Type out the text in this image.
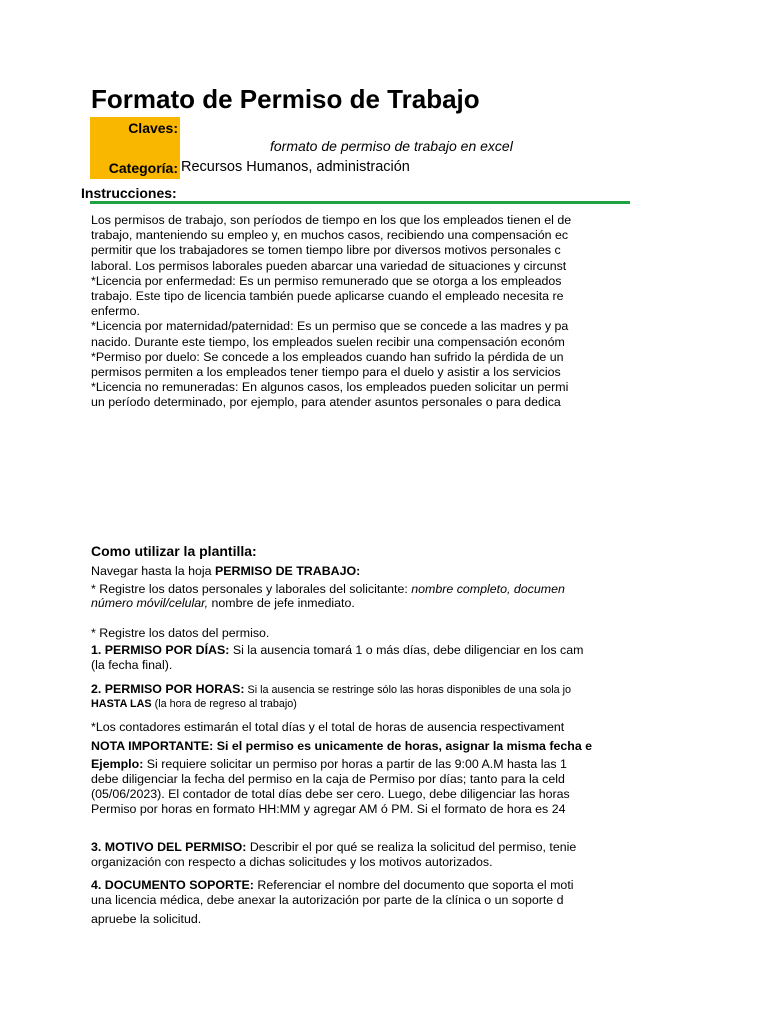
Formato de Permiso de Trabajo
Claves:
Categoría:
formato de permiso de trabajo en excel
Recursos Humanos, administración
Instrucciones:
Los permisos de trabajo, son períodos de tiempo en los que los empleados tienen el de
trabajo, manteniendo su empleo y, en muchos casos, recibiendo una compensación ec
permitir que los trabajadores se tomen tiempo libre por diversos motivos personales c
laboral. Los permisos laborales pueden abarcar una variedad de situaciones y circunst
*Licencia por enfermedad: Es un permiso remunerado que se otorga a los empleados
trabajo. Este tipo de licencia también puede aplicarse cuando el empleado necesita re
enfermo.
*Licencia por maternidad/paternidad: Es un permiso que se concede a las madres y pa
nacido. Durante este tiempo, los empleados suelen recibir una compensación económ
*Permiso por duelo: Se concede a los empleados cuando han sufrido la pérdida de un
permisos permiten a los empleados tener tiempo para el duelo y asistir a los servicios
*Licencia no remuneradas: En algunos casos, los empleados pueden solicitar un permi
un período determinado, por ejemplo, para atender asuntos personales o para dedica
Como utilizar la plantilla:
Navegar hasta la hoja PERMISO DE TRABAJO:
* Registre los datos personales y laborales del solicitante: nombre completo, documen
número móvil/celular, nombre de jefe inmediato.
* Registre los datos del permiso.
1. PERMISO POR DÍAS: Si la ausencia tomará 1 o más días, debe diligenciar en los cam
(la fecha final).
2. PERMISO POR HORAS: Si la ausencia se restringe sólo las horas disponibles de una sola jo
HASTA LAS (la hora de regreso al trabajo)
*Los contadores estimarán el total días y el total de horas de ausencia respectivament
NOTA IMPORTANTE: Si el permiso es unicamente de horas, asignar la misma fecha e
Ejemplo: Si requiere solicitar un permiso por horas a partir de las 9:00 A.M hasta las 1
debe diligenciar la fecha del permiso en la caja de Permiso por días; tanto para la celd
(05/06/2023). El contador de total días debe ser cero. Luego, debe diligenciar las horas
Permiso por horas en formato HH:MM y agregar AM ó PM. Si el formato de hora es 24
3. MOTIVO DEL PERMISO: Describir el por qué se realiza la solicitud del permiso, tenie
organización con respecto a dichas solicitudes y los motivos autorizados.
4. DOCUMENTO SOPORTE: Referenciar el nombre del documento que soporta el moti
una licencia médica, debe anexar la autorización por parte de la clínica o un soporte d
apruebe la solicitud.
